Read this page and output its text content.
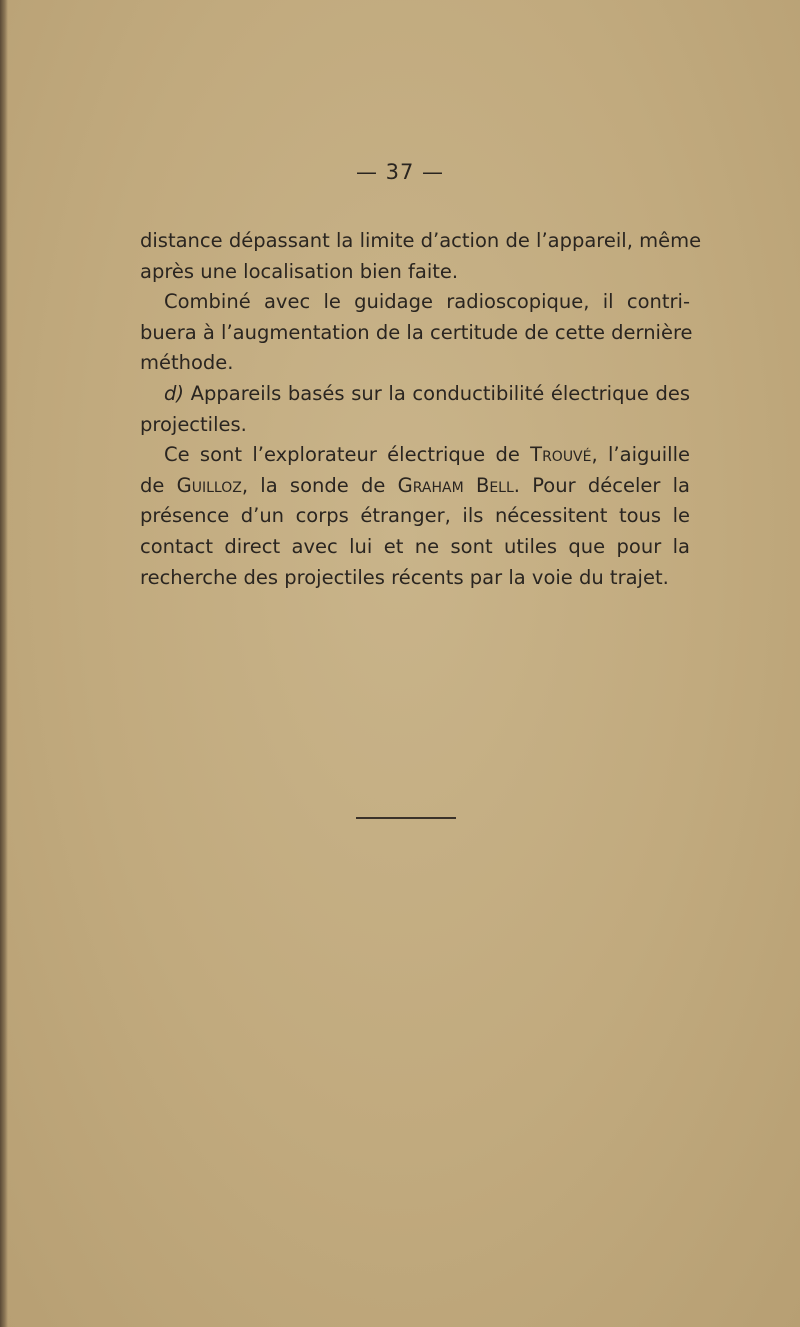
— 37 —
distance dépassant la limite d’action de l’appareil, même
après une localisation bien faite.
Combiné avec le guidage radioscopique, il contri-
buera à l’augmentation de la certitude de cette dernière
méthode.
d) Appareils basés sur la conductibilité électrique des
projectiles.
Ce sont l’explorateur électrique de Trouvé, l’aiguille
de Guilloz, la sonde de Graham Bell. Pour déceler la
présence d’un corps étranger, ils nécessitent tous le
contact direct avec lui et ne sont utiles que pour la
recherche des projectiles récents par la voie du trajet.
